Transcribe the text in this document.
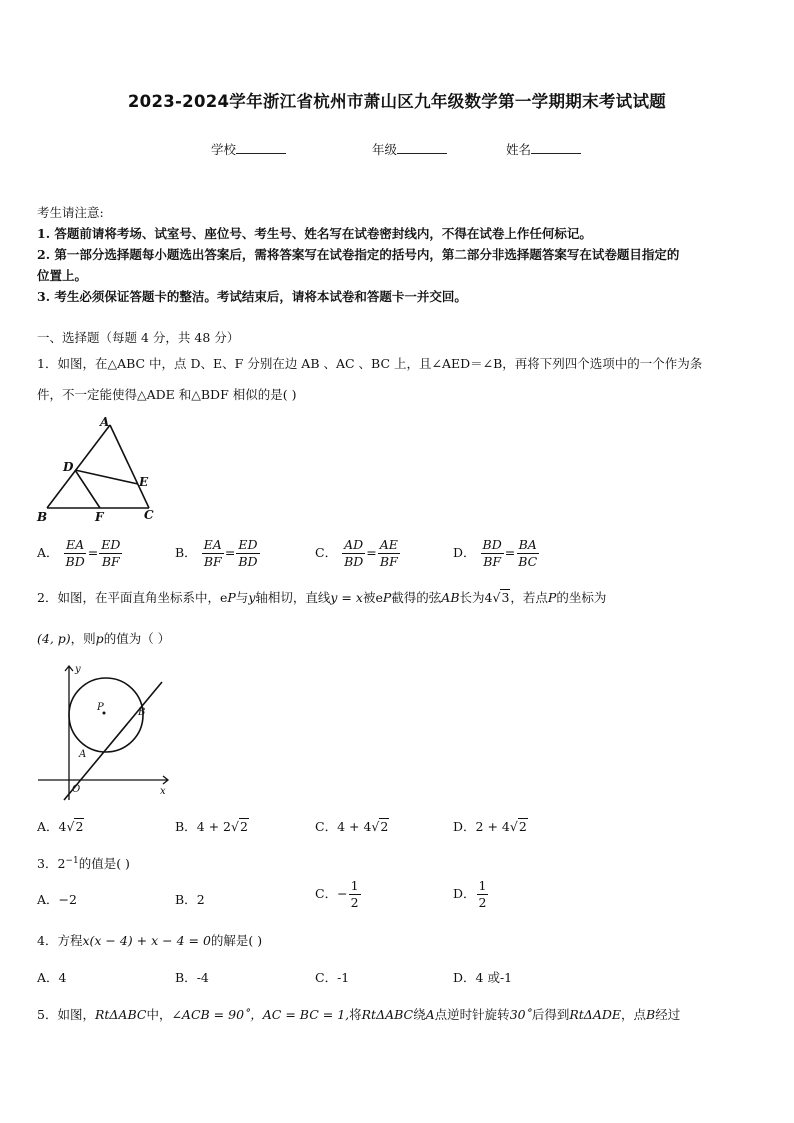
2023-2024学年浙江省杭州市萧山区九年级数学第一学期期末考试试题
学校	年级	姓名
考生请注意:
1. 答题前请将考场、试室号、座位号、考生号、姓名写在试卷密封线内，不得在试卷上作任何标记。
2. 第一部分选择题每小题选出答案后，需将答案写在试卷指定的括号内，第二部分非选择题答案写在试卷题目指定的
位置上。
3. 考生必须保证答题卡的整洁。考试结束后，请将本试卷和答题卡一并交回。
一、选择题（每题 4 分，共 48 分）
1．如图，在△ABC 中，点 D、E、F 分别在边 AB 、AC 、BC 上，且∠AED＝∠B，再将下列四个选项中的一个作为条
件，不一定能使得△ADE 和△BDF 相似的是( )
A
D
E
B	F	C
A． $\frac{EA}{BD} = \frac{ED}{BF}$	B． $\frac{EA}{BF} = \frac{ED}{BD}$	C． $\frac{AD}{BD} = \frac{AE}{BF}$	D． $\frac{BD}{BF} = \frac{BA}{BC}$
2．如图，在平面直角坐标系中，eP与y轴相切，直线y = x被eP截得的弦AB长为4√3，若点P的坐标为
(4, p)，则p的值为（ ）
y
x
O
P
A
B
A．4√2	B．4 + 2√2	C．4 + 4√2	D．2 + 4√2
3．$2^{-1}$的值是( )
A．−2	B．2	C．− $\frac{1}{2}$	D． $\frac{1}{2}$
4．方程x(x − 4) + x − 4 = 0的解是( )
A．4	B．-4	C．-1	D．4 或-1
5．如图，RtΔABC中，∠ACB = 90˚，AC = BC = 1,将RtΔABC绕A点逆时针旋转30˚后得到RtΔADE，点B经过
